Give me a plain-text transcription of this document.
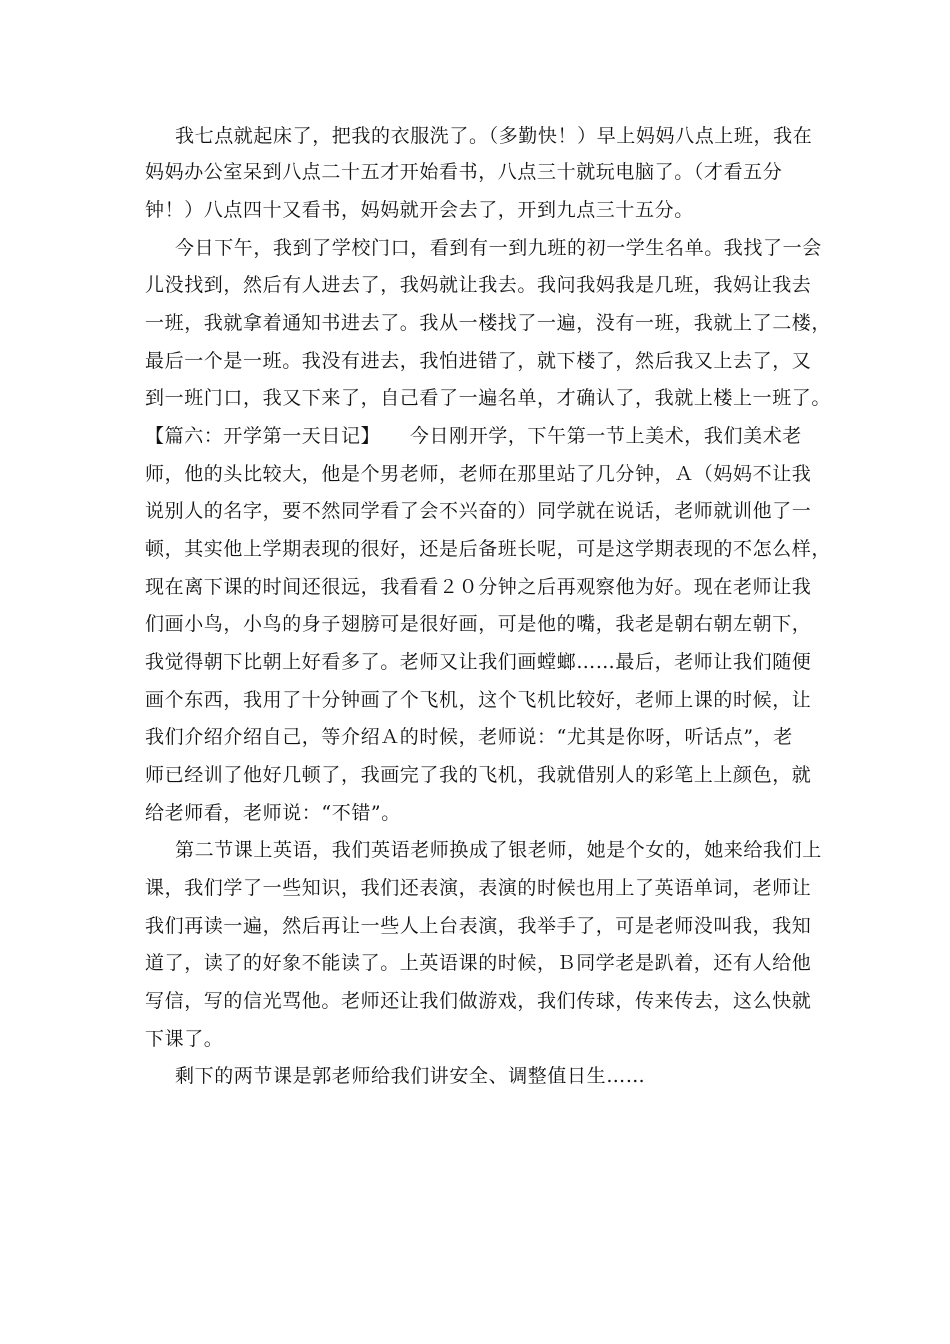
我七点就起床了，把我的衣服洗了。（多勤快！）早上妈妈八点上班，我在
妈妈办公室呆到八点二十五才开始看书，八点三十就玩电脑了。（才看五分
钟！）八点四十又看书，妈妈就开会去了，开到九点三十五分。
今日下午，我到了学校门口，看到有一到九班的初一学生名单。我找了一会
儿没找到，然后有人进去了，我妈就让我去。我问我妈我是几班，我妈让我去
一班，我就拿着通知书进去了。我从一楼找了一遍，没有一班，我就上了二楼，
最后一个是一班。我没有进去，我怕进错了，就下楼了，然后我又上去了，又
到一班门口，我又下来了，自己看了一遍名单，才确认了，我就上楼上一班了。
【篇六：开学第一天日记】　　今日刚开学，下午第一节上美术，我们美术老
师，他的头比较大，他是个男老师，老师在那里站了几分钟，Ａ（妈妈不让我
说别人的名字，要不然同学看了会不兴奋的）同学就在说话，老师就训他了一
顿，其实他上学期表现的很好，还是后备班长呢，可是这学期表现的不怎么样，
现在离下课的时间还很远，我看看２０分钟之后再观察他为好。现在老师让我
们画小鸟，小鸟的身子翅膀可是很好画，可是他的嘴，我老是朝右朝左朝下，
我觉得朝下比朝上好看多了。老师又让我们画螳螂……最后，老师让我们随便
画个东西，我用了十分钟画了个飞机，这个飞机比较好，老师上课的时候，让
我们介绍介绍自己，等介绍Ａ的时候，老师说：“尤其是你呀，听话点”，老
师已经训了他好几顿了，我画完了我的飞机，我就借别人的彩笔上上颜色，就
给老师看，老师说：“不错”。
第二节课上英语，我们英语老师换成了银老师，她是个女的，她来给我们上
课，我们学了一些知识，我们还表演，表演的时候也用上了英语单词，老师让
我们再读一遍，然后再让一些人上台表演，我举手了，可是老师没叫我，我知
道了，读了的好象不能读了。上英语课的时候，Ｂ同学老是趴着，还有人给他
写信，写的信光骂他。老师还让我们做游戏，我们传球，传来传去，这么快就
下课了。
剩下的两节课是郭老师给我们讲安全、调整值日生……
